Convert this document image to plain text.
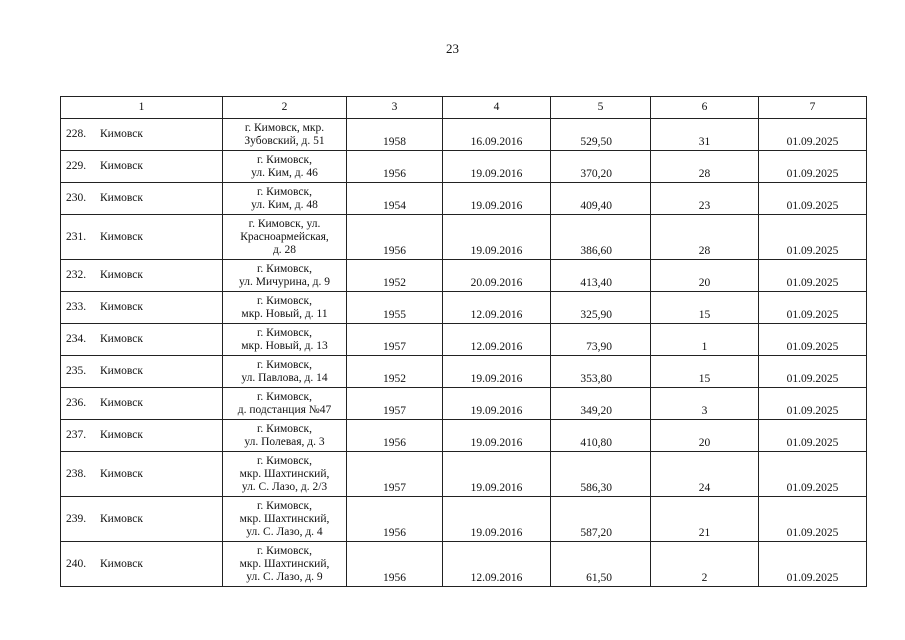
23
1	2	3	4	5	6	7
228. Кимовск	г. Кимовск, мкр.
Зубовский, д. 51	1958	16.09.2016	529,50	31	01.09.2025
229. Кимовск	г. Кимовск,
ул. Ким, д. 46	1956	19.09.2016	370,20	28	01.09.2025
230. Кимовск	г. Кимовск,
ул. Ким, д. 48	1954	19.09.2016	409,40	23	01.09.2025
231. Кимовск	г. Кимовск, ул.
Красноармейская,
д. 28	1956	19.09.2016	386,60	28	01.09.2025
232. Кимовск	г. Кимовск,
ул. Мичурина, д. 9	1952	20.09.2016	413,40	20	01.09.2025
233. Кимовск	г. Кимовск,
мкр. Новый, д. 11	1955	12.09.2016	325,90	15	01.09.2025
234. Кимовск	г. Кимовск,
мкр. Новый, д. 13	1957	12.09.2016	73,90	1	01.09.2025
235. Кимовск	г. Кимовск,
ул. Павлова, д. 14	1952	19.09.2016	353,80	15	01.09.2025
236. Кимовск	г. Кимовск,
д. подстанция №47	1957	19.09.2016	349,20	3	01.09.2025
237. Кимовск	г. Кимовск,
ул. Полевая, д. 3	1956	19.09.2016	410,80	20	01.09.2025
238. Кимовск	г. Кимовск,
мкр. Шахтинский,
ул. С. Лазо, д. 2/3	1957	19.09.2016	586,30	24	01.09.2025
239. Кимовск	г. Кимовск,
мкр. Шахтинский,
ул. С. Лазо, д. 4	1956	19.09.2016	587,20	21	01.09.2025
240. Кимовск	г. Кимовск,
мкр. Шахтинский,
ул. С. Лазо, д. 9	1956	12.09.2016	61,50	2	01.09.2025
